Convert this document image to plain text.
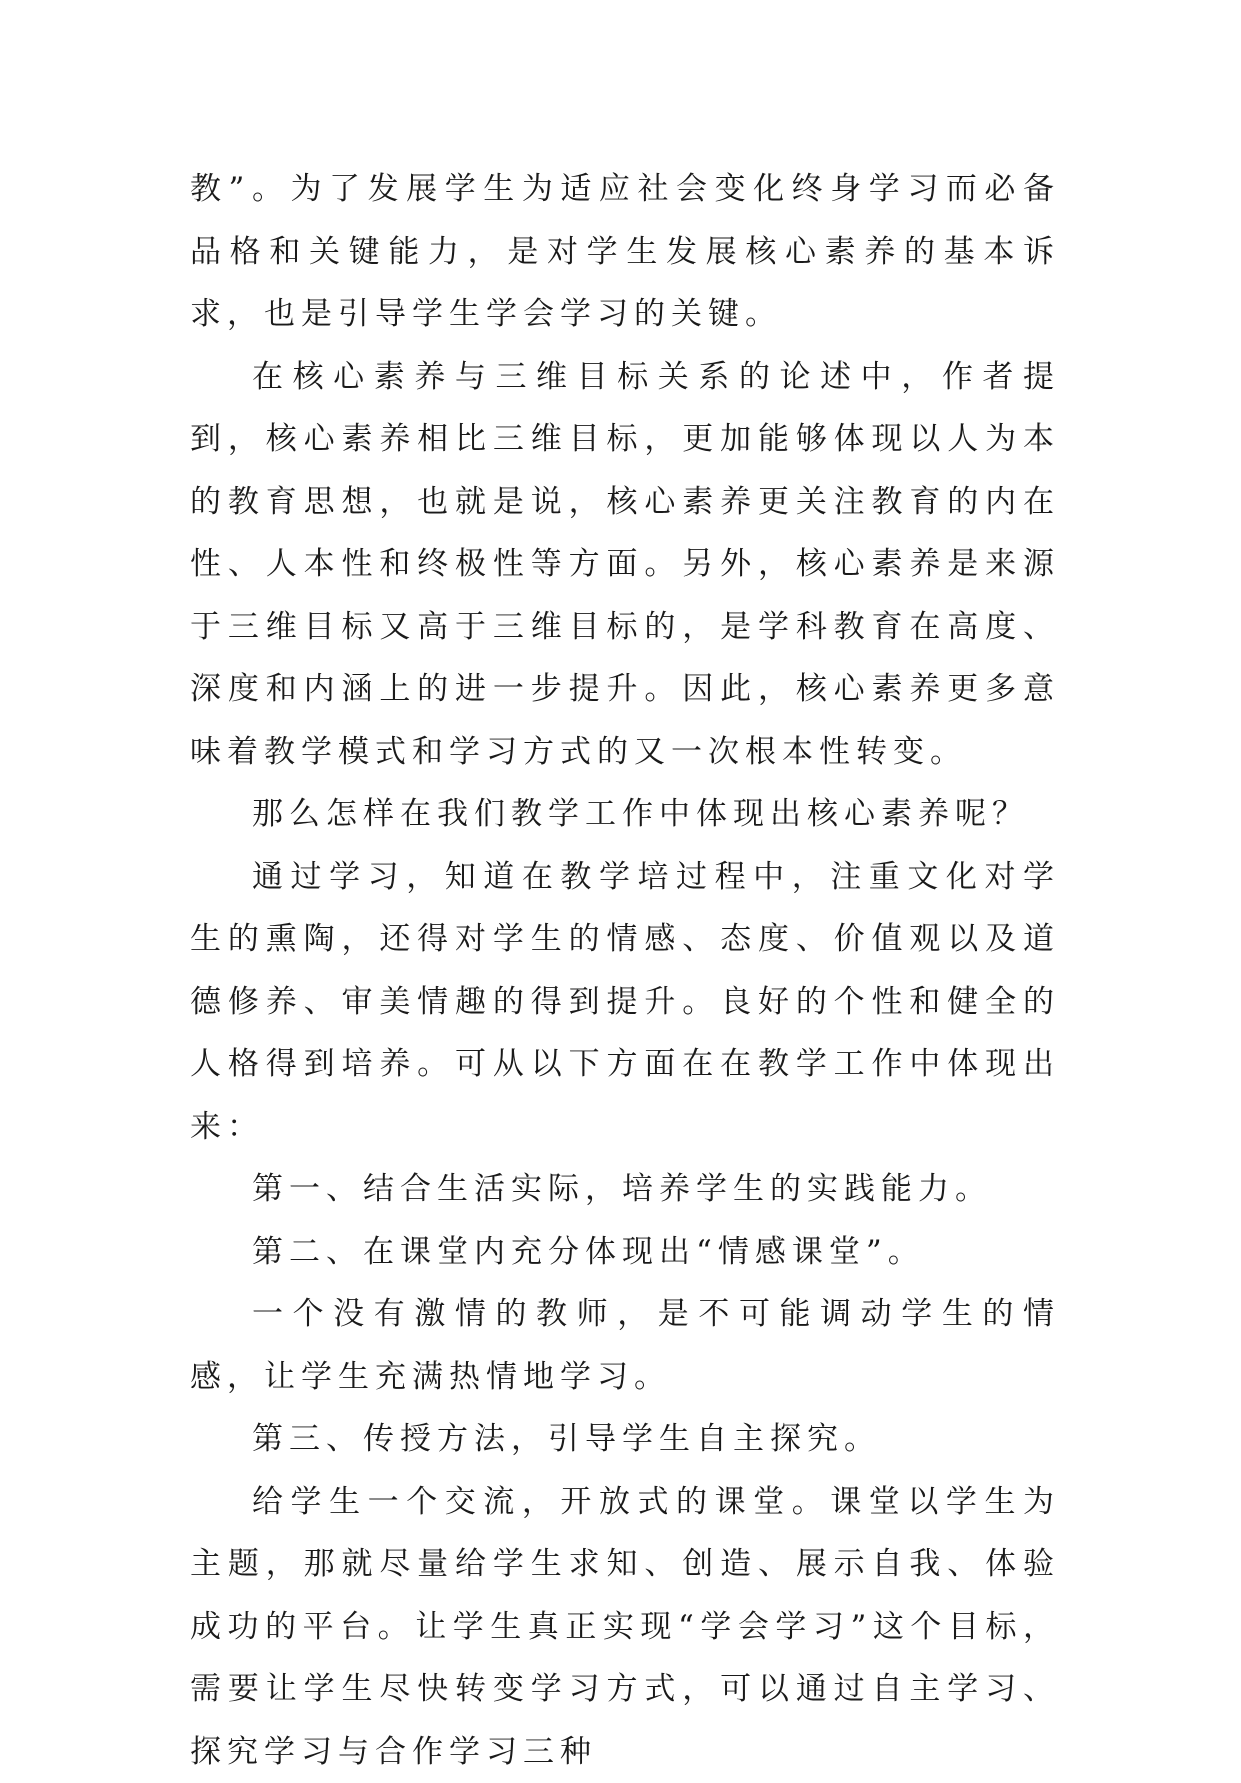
教”。为了发展学生为适应社会变化终身学习而必备品格和关键能力，是对学生发展核心素养的基本诉求，也是引导学生学会学习的关键。

在核心素养与三维目标关系的论述中，作者提到，核心素养相比三维目标，更加能够体现以人为本的教育思想，也就是说，核心素养更关注教育的内在性、人本性和终极性等方面。另外，核心素养是来源于三维目标又高于三维目标的，是学科教育在高度、深度和内涵上的进一步提升。因此，核心素养更多意味着教学模式和学习方式的又一次根本性转变。

那么怎样在我们教学工作中体现出核心素养呢？

通过学习，知道在教学培过程中，注重文化对学生的熏陶，还得对学生的情感、态度、价值观以及道德修养、审美情趣的得到提升。良好的个性和健全的人格得到培养。可从以下方面在在教学工作中体现出来：

第一、结合生活实际，培养学生的实践能力。

第二、在课堂内充分体现出“情感课堂”。

一个没有激情的教师，是不可能调动学生的情感，让学生充满热情地学习。

第三、传授方法，引导学生自主探究。

给学生一个交流，开放式的课堂。课堂以学生为主题，那就尽量给学生求知、创造、展示自我、体验成功的平台。让学生真正实现“学会学习”这个目标，需要让学生尽快转变学习方式，可以通过自主学习、探究学习与合作学习三种
